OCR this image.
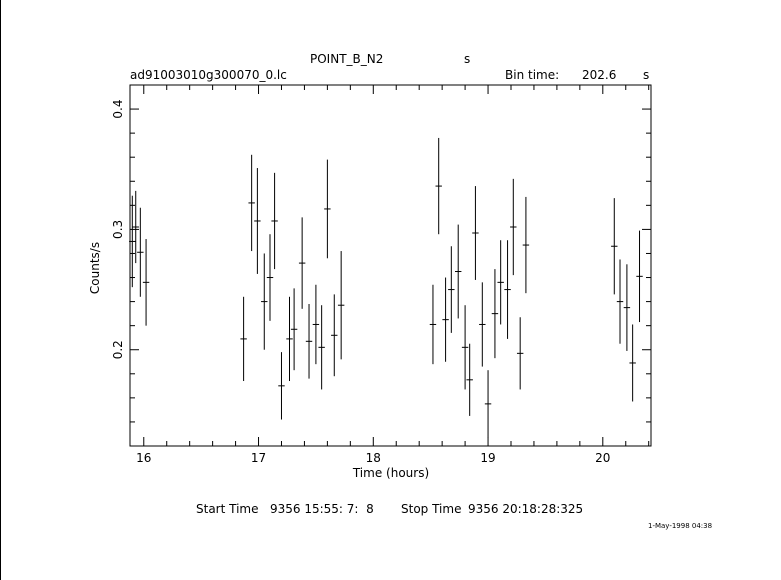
POINT_B_N2	s
ad91003010g300070_0.lc	Bin time: 202.6 s
16	17	18	19	20
0.2
0.3
0.4
Time (hours)
Counts/s
Start Time 9356 15:55: 7:  8 Stop Time 9356 20:18:28:325
1-May-1998 04:38
